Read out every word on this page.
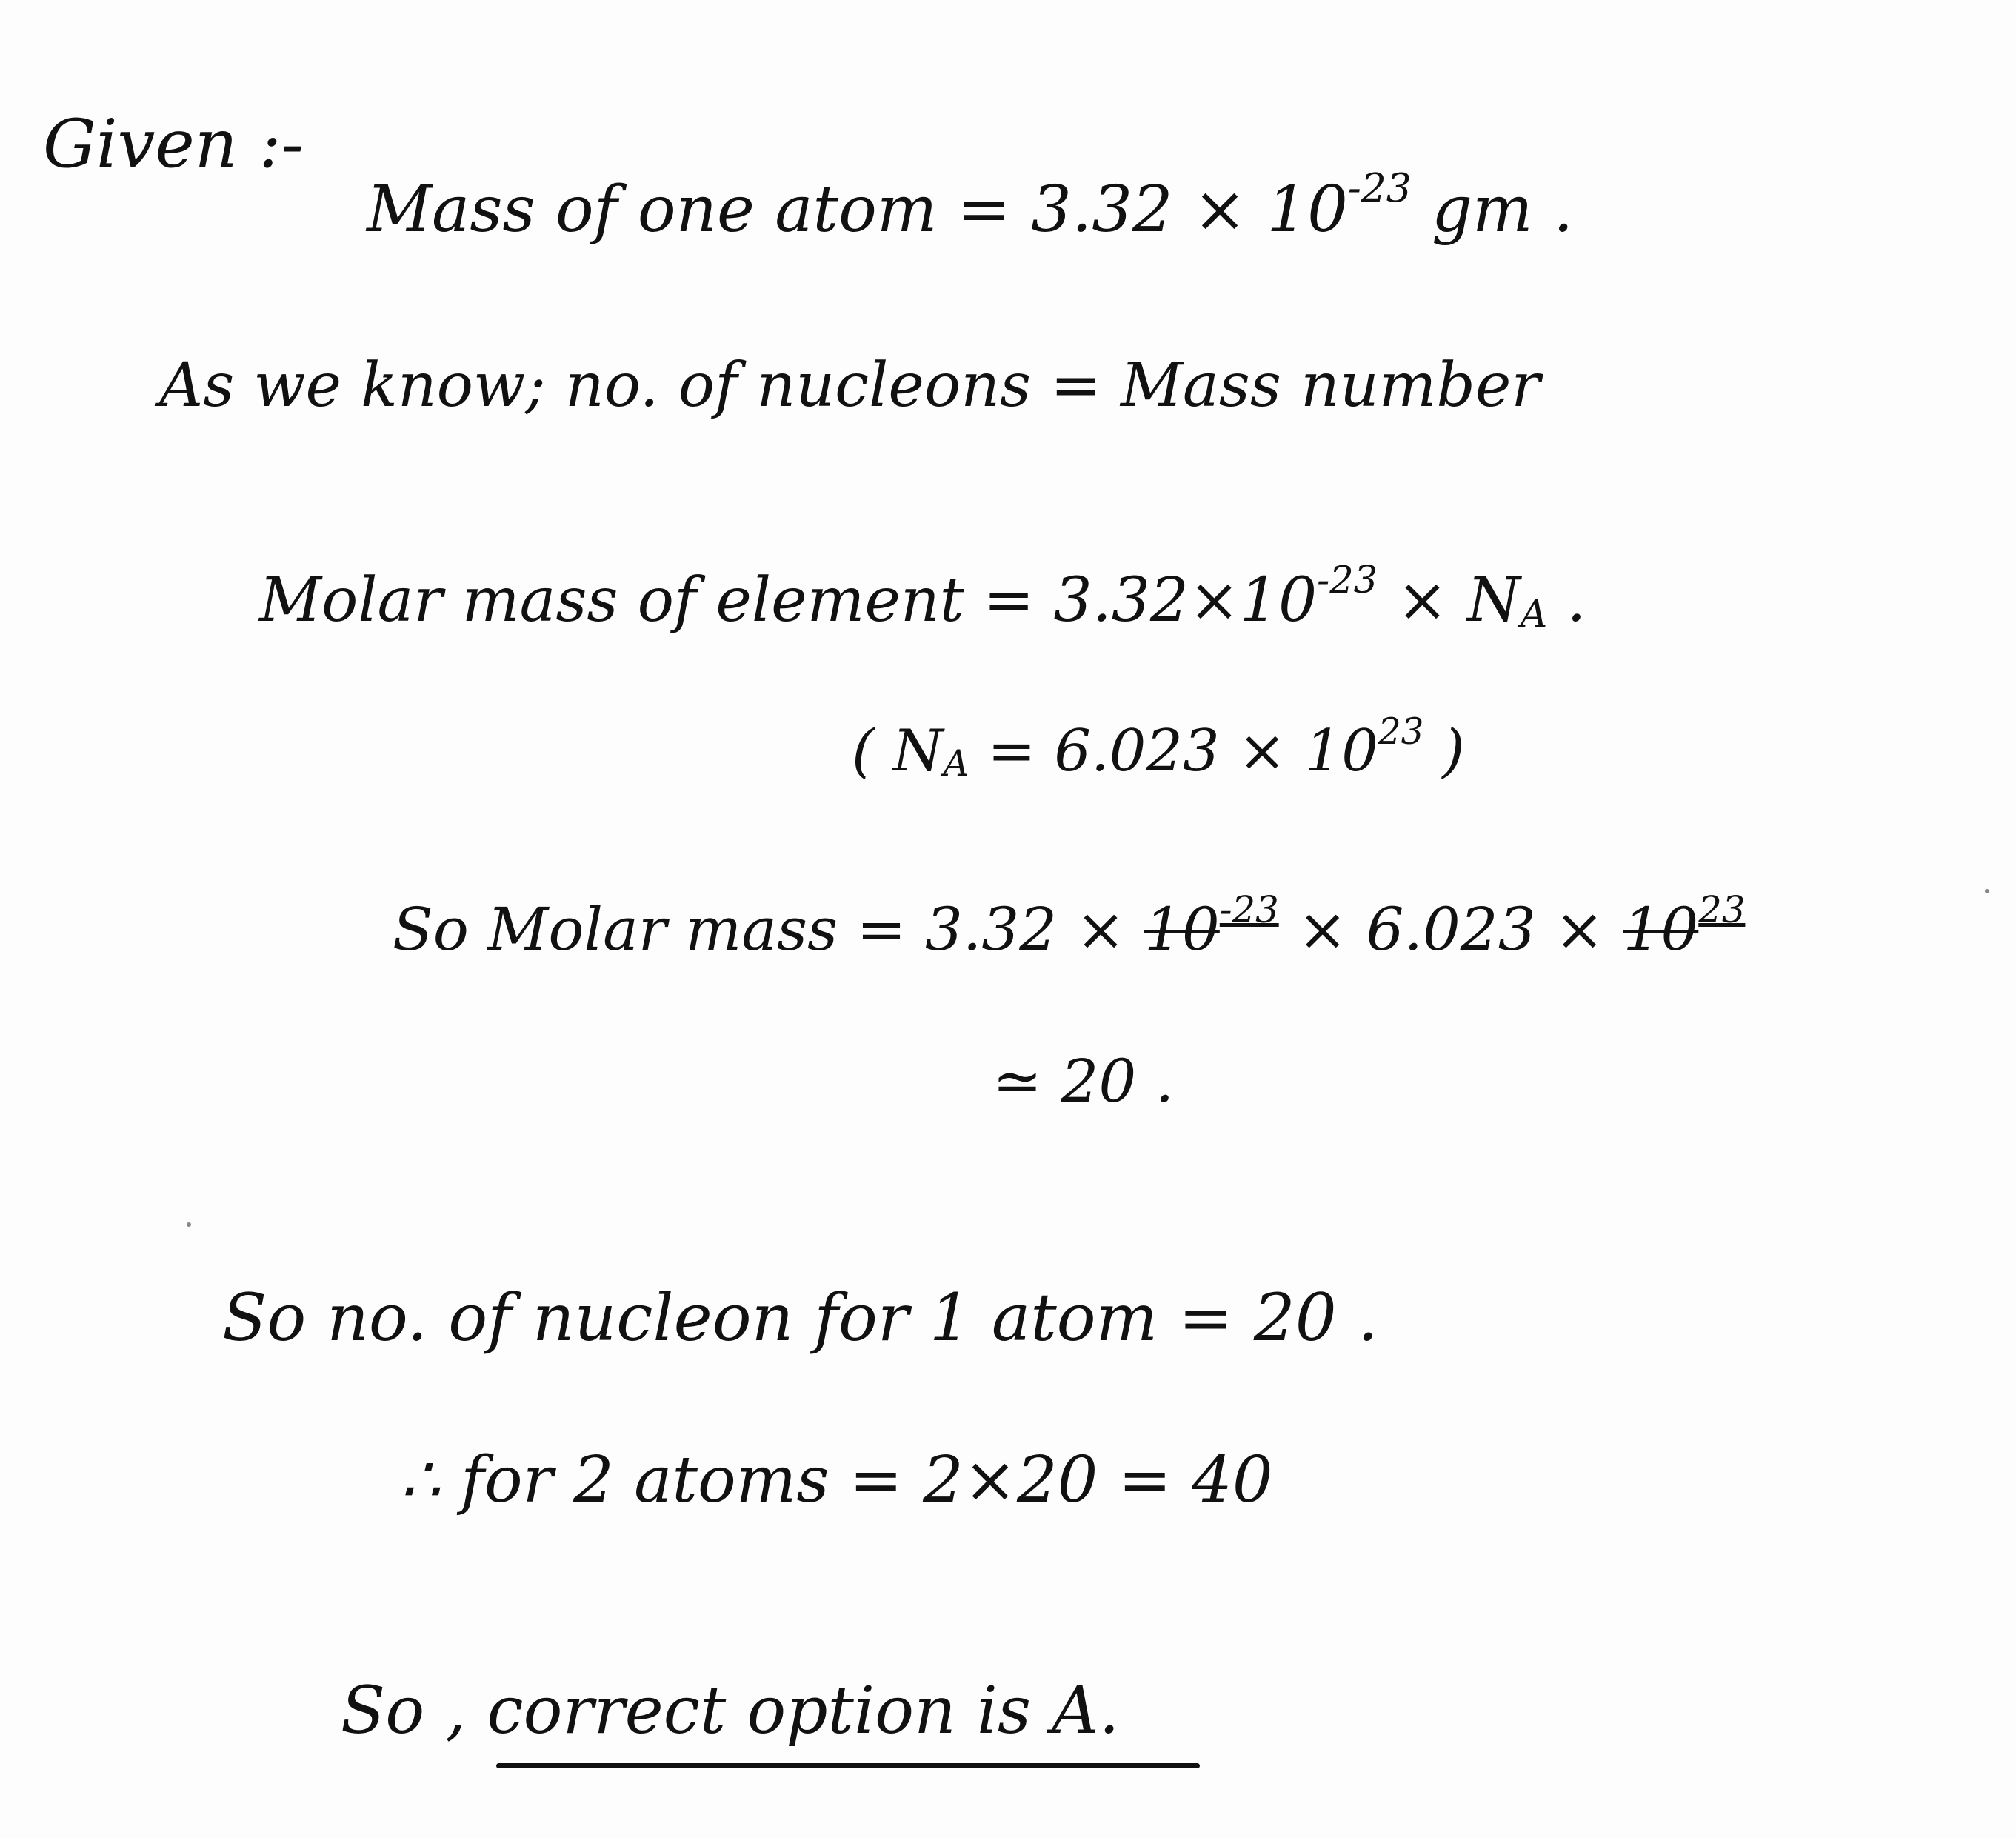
Given :-
Mass of one atom = $3.32 \times 10^{-23}$ gm .
As we know; no. of nucleons = Mass number
Molar mass of element = $3.32\times 10^{-23} \times N_A$ .
( $N_A = 6.023 \times 10^{23}$ )
So Molar mass = $3.32 \times 10^{-23} \times 6.023 \times 10^{23}$
≃ 20 .
So no. of nucleon for 1 atom = 20 .
∴ for 2 atoms = 2×20 = 40
So , correct option is A.
